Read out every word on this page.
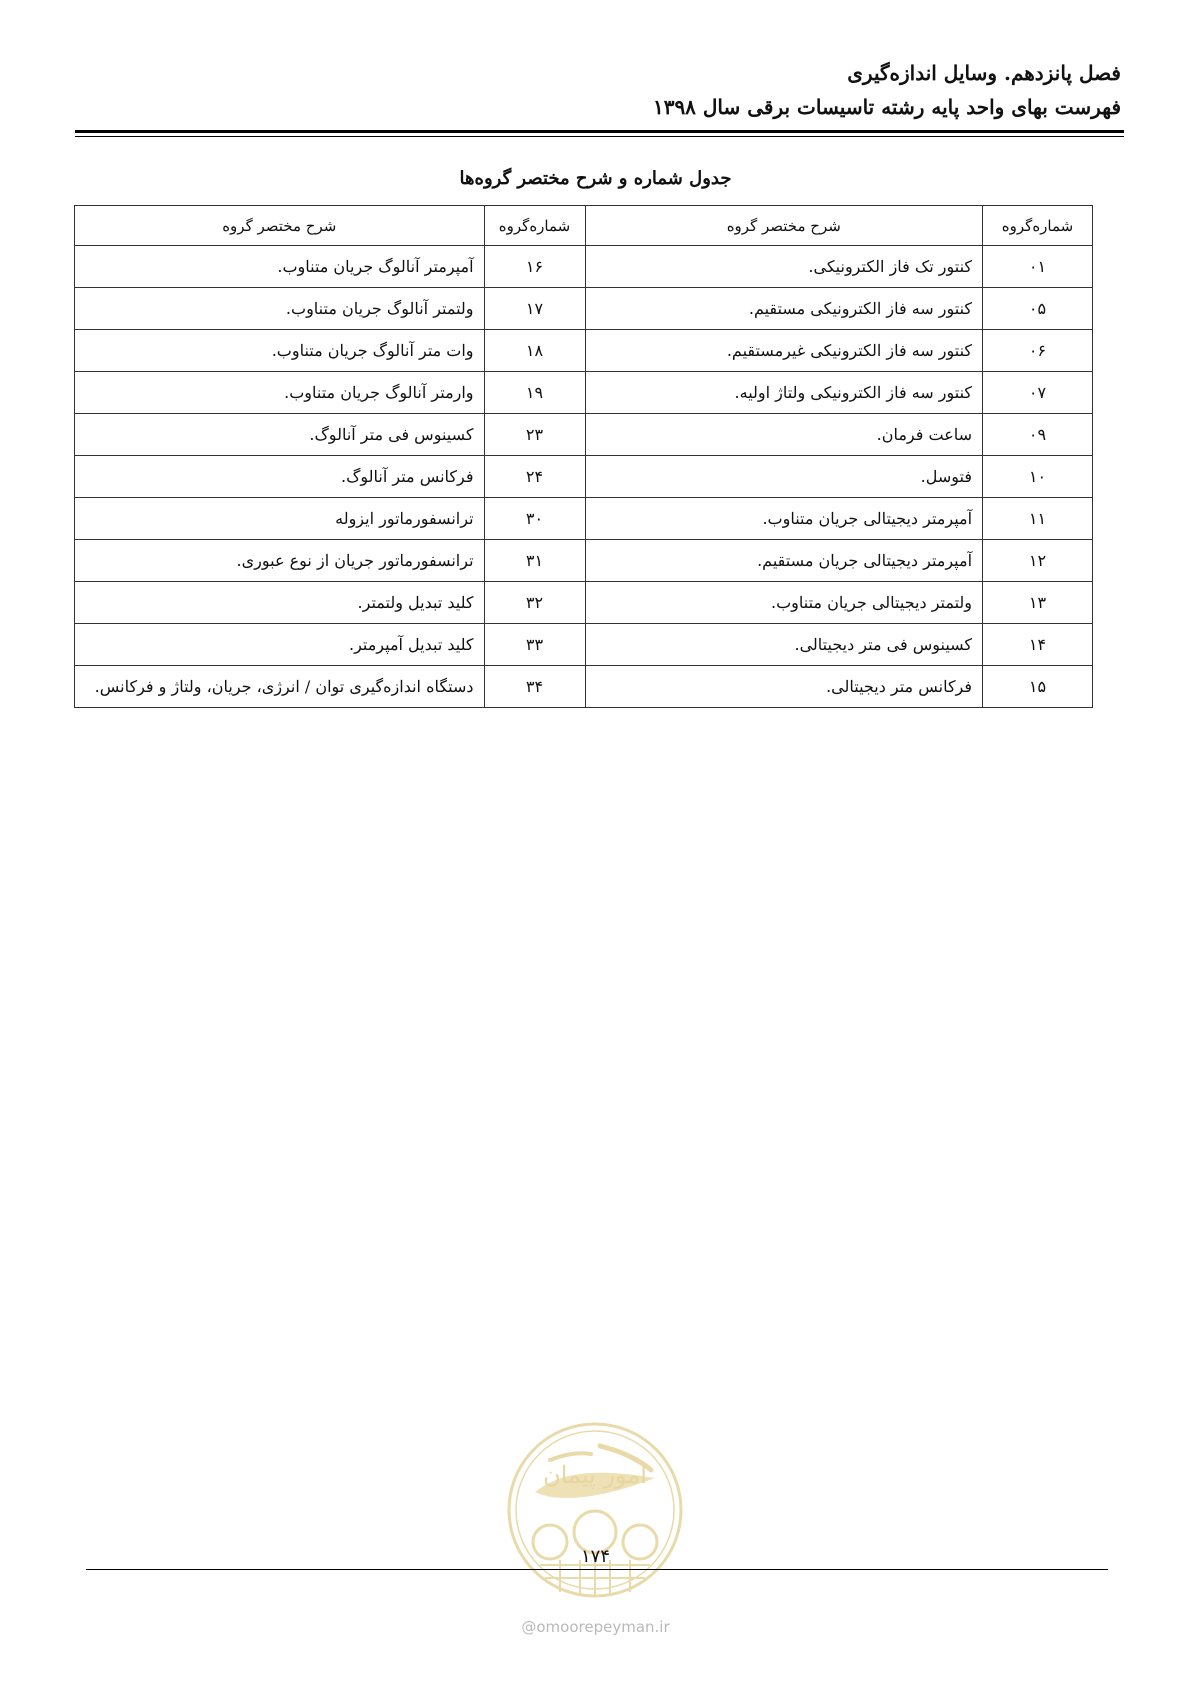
فصل پانزدهم. وسایل اندازه‌گیری
فهرست بهای واحد پایه رشته تاسیسات برقی سال ۱۳۹۸
جدول شماره و شرح مختصر گروه‌ها
شماره‌گروه	شرح مختصر گروه	شماره‌گروه	شرح مختصر گروه
۰۱	کنتور تک فاز الکترونیکی.	۱۶	آمپرمتر آنالوگ جریان متناوب.
۰۵	کنتور سه فاز الکترونیکی مستقیم.	۱۷	ولتمتر آنالوگ جریان متناوب.
۰۶	کنتور سه فاز الکترونیکی غیرمستقیم.	۱۸	وات متر آنالوگ جریان متناوب.
۰۷	کنتور سه فاز الکترونیکی ولتاژ اولیه.	۱۹	وارمتر آنالوگ جریان متناوب.
۰۹	ساعت فرمان.	۲۳	کسینوس فی متر آنالوگ.
۱۰	فتوسل.	۲۴	فرکانس متر آنالوگ.
۱۱	آمپرمتر دیجیتالی جریان متناوب.	۳۰	ترانسفورماتور ایزوله
۱۲	آمپرمتر دیجیتالی جریان مستقیم.	۳۱	ترانسفورماتور جریان از نوع عبوری.
۱۳	ولتمتر دیجیتالی جریان متناوب.	۳۲	کلید تبدیل ولتمتر.
۱۴	کسینوس فی متر دیجیتالی.	۳۳	کلید تبدیل آمپرمتر.
۱۵	فرکانس متر دیجیتالی.	۳۴	دستگاه اندازه‌گیری توان / انرژی، جریان، ولتاژ و فرکانس.
امور پیمان
۱۷۴
@omoorepeyman.ir
